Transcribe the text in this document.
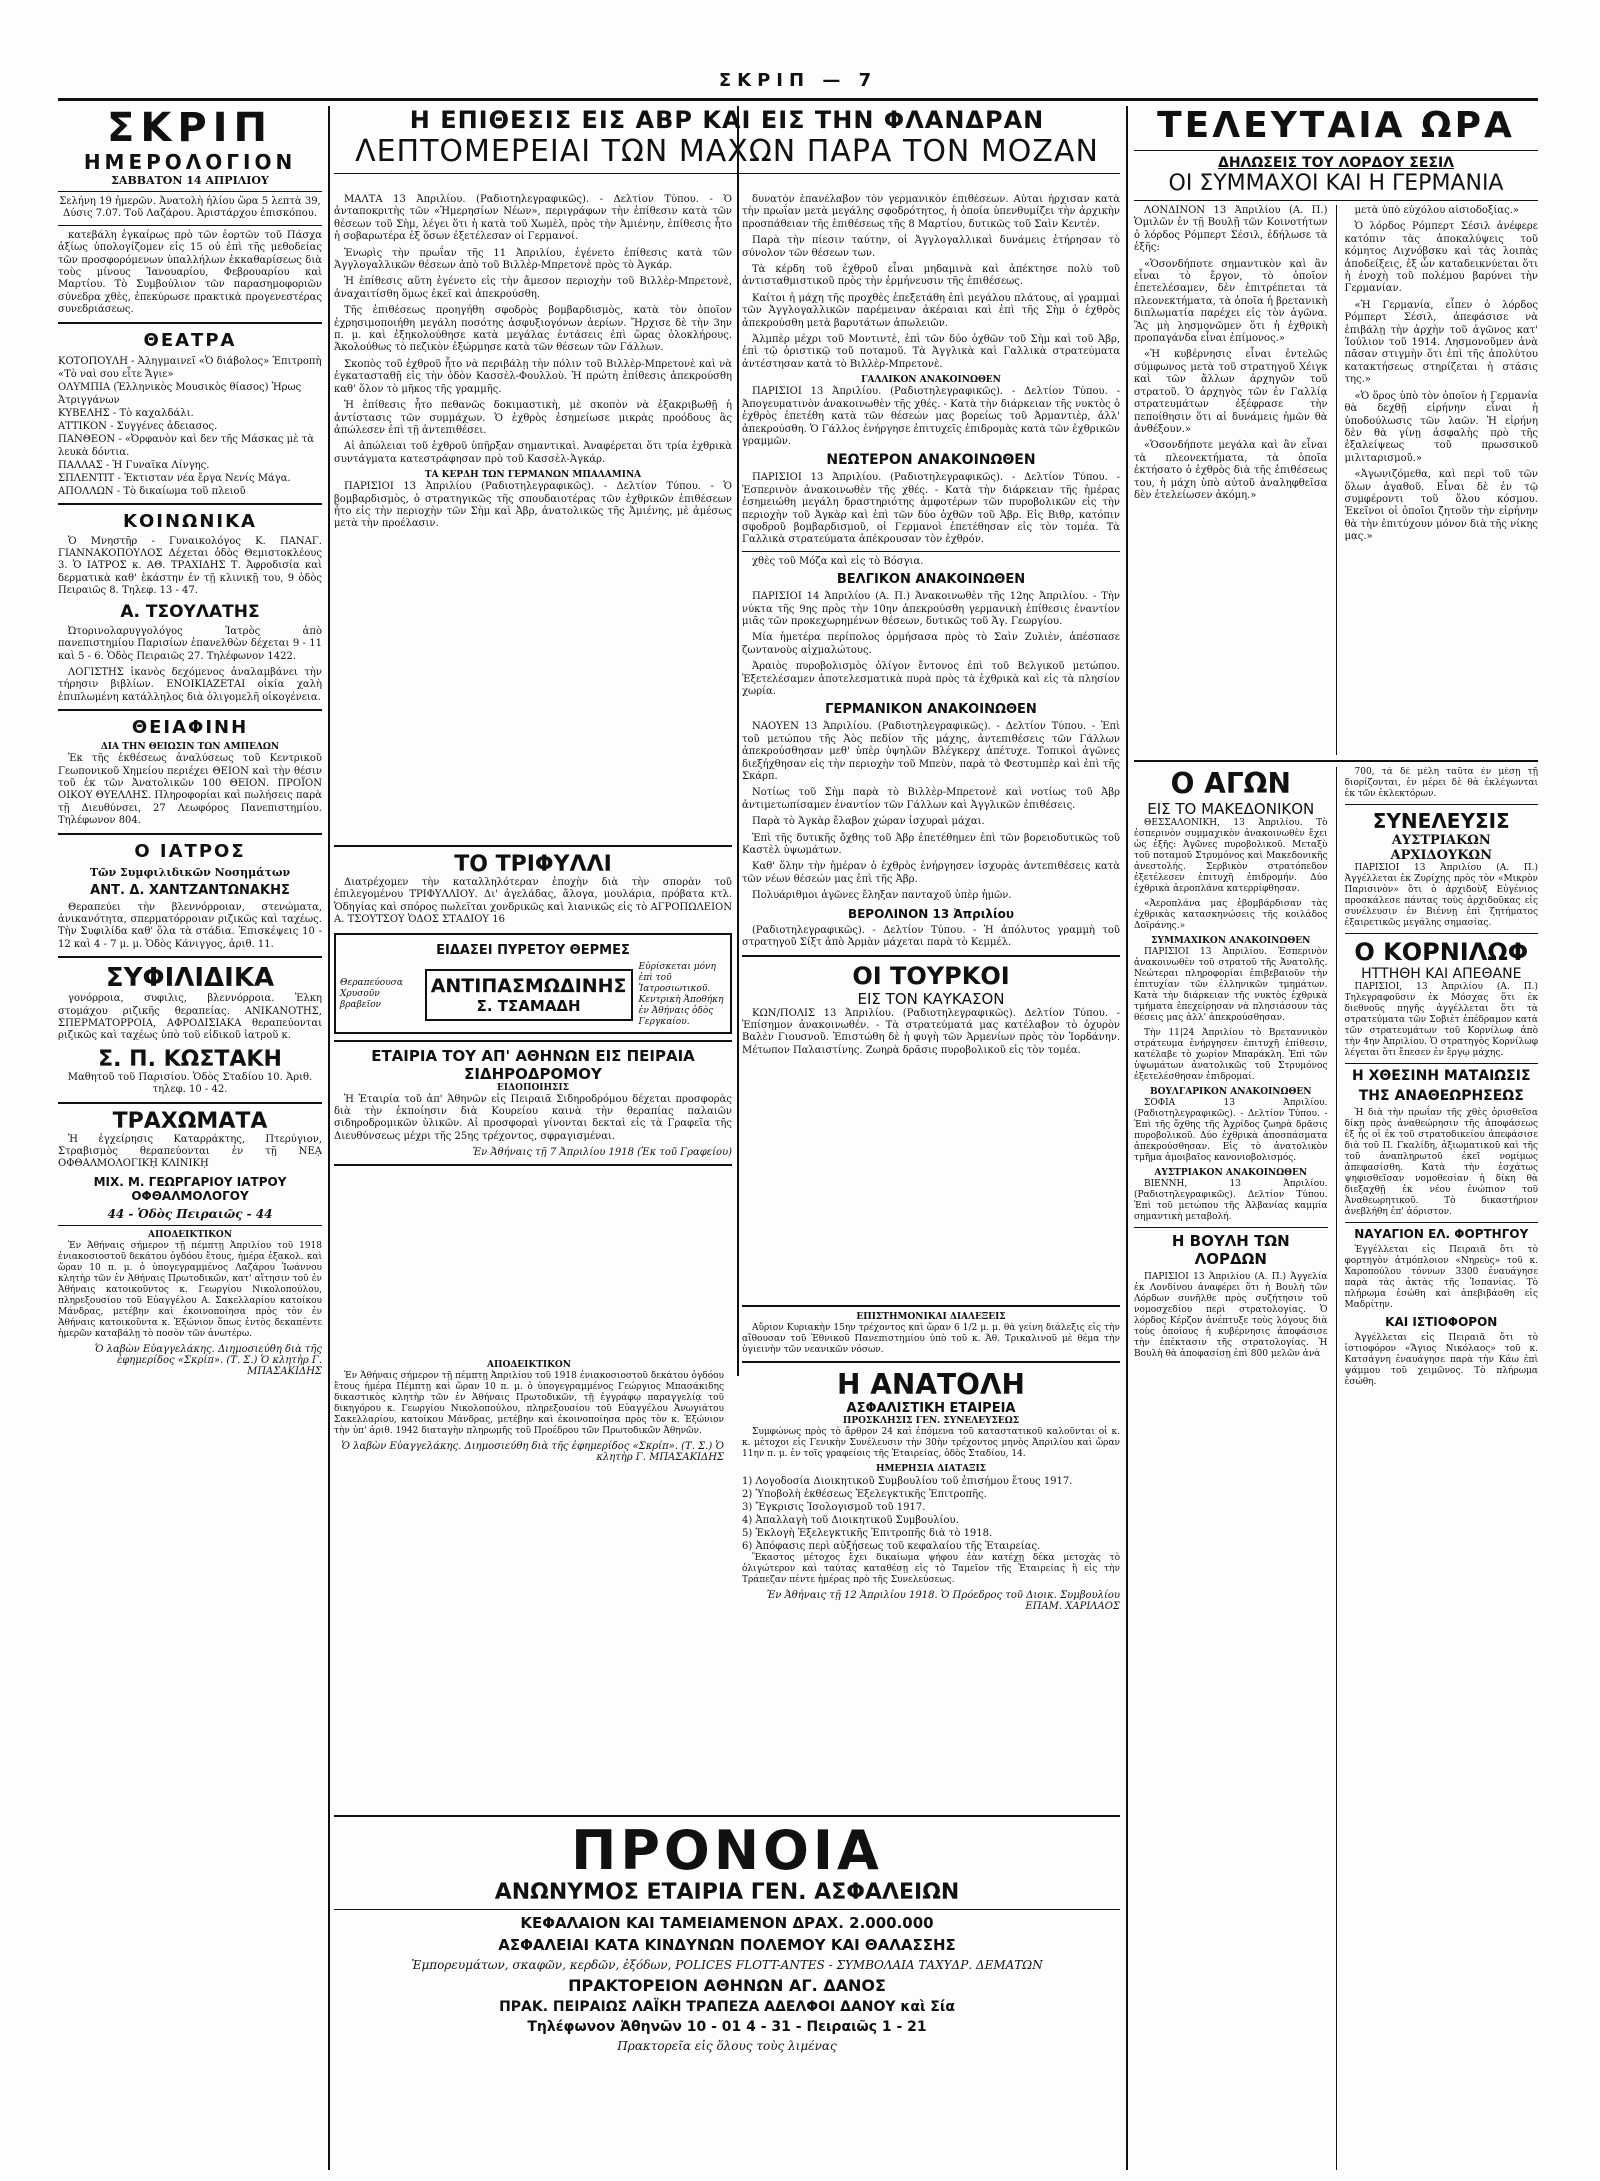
ΣΚΡΙΠ — 7
ΣΚΡΙΠ
ΗΜΕΡΟΛΟΓΙΟΝ
ΣΑΒΒΑΤΟΝ 14 ΑΠΡΙΛΙΟΥ

Σελήνη 19 ἡμερῶν. Ἀνατολὴ ἡλίου ὥρα 5 λεπτὰ 39, Δύσις 7.07. Τοῦ Λαζάρου. Ἀριστάρχου ἐπισκόπου.

κατεβάλη ἐγκαίρως πρὸ τῶν ἑορτῶν τοῦ Πάσχα ἀξίως ὑπολογίζομεν εἰς 15 οὐ ἐπὶ τῆς μεθοδείας τῶν προσφορόμενων ὑπαλλήλων ἐκκαθαρίσεως διὰ τοὺς μίνους Ἰανουαρίου, Φεβρουαρίου καὶ Μαρτίου. Τὸ Συμβούλιον τῶν παρασημοφοριῶν σύνεδρα χθὲς, ἐπεκύρωσε πρακτικὰ προγενεστέρας συνεδριάσεως.

ΘΕΑΤΡΑ

ΚΟΤΟΠΟΥΛΗ - Ἀληγμαινεῖ «Ὁ διάβολος» Ἐπιτροπὴ «Τὸ ναὶ σου εἶτε Ἄγιε»

ΟΛΥΜΠΙΑ (Ἑλληνικὸς Μουσικὸς θίασος) Ἡρως Ἀτριγγάνων

ΚΥΒΕΛΗΣ - Τὸ καχαλδάλι.

ΑΤΤΙΚΟΝ - Συγγένες ἀδειασος.

ΠΑΝΘΕΟΝ - «Ὀρφανὸν καὶ δεν τῆς Μάσκας μὲ τὰ λευκὰ δόντια.

ΠΑΛΛΑΣ - Ἡ Γυναῖκα Λίνγης.

ΣΠΛΕΝΤΙΤ - Ἐκτισταν νέα ἔργα Νενίς Μάγα.

ΑΠΟΛΛΩΝ - Τὸ δικαίωμα τοῦ πλειοῦ

ΚΟΙΝΩΝΙΚΑ

Ὁ Μνηστῆρ - Γυναικολόγος Κ. ΠΑΝΑΓ. ΓΙΑΝΝΑΚΟΠΟΥΛΟΣ Δέχεται ὁδὸς Θεμιστοκλέους 3. Ὁ ΙΑΤΡΟΣ κ. ΑΘ. ΤΡΑΧΙΔΗΣ Τ. Ἀφροδισία καὶ δερματικὰ καθ' ἑκάστην ἐν τῇ κλινικῇ του, 9 ὁδὸς Πειραιῶς 8. Τηλεφ. 13 - 47.

Α. ΤΣΟΥΛΑΤΗΣ

Ὠτορινολαρυγγολόγος Ἰατρὸς ἀπὸ πανεπιστημίου Παρισίων ἐπανελθὼν δέχεται 9 - 11 καὶ 5 - 6. Ὁδὸς Πειραιῶς 27. Τηλέφωνον 1422.

ΛΟΓΙΣΤΗΣ ἱκανὸς δεχόμενος ἀναλαμβάνει τὴν τήρησιν βιβλίων. ΕΝΟΙΚΙΑΖΕΤΑΙ οἰκία χαλὴ ἐπιπλωμένη κατάλληλος διὰ ὀλιγομελῆ οἰκογένεια.

ΘΕΙΑΦΙΝΗ
ΔΙΑ ΤΗΝ ΘΕΙΩΣΙΝ ΤΩΝ ΑΜΠΕΛΩΝ

Ἐκ τῆς ἐκθέσεως ἀναλύσεως τοῦ Κεντρικοῦ Γεωπονικοῦ Χημείου περιέχει ΘΕΙΟΝ καὶ τὴν θέσιν τοῦ ἐκ τῶν Ἀνατολικῶν 100 ΘΕΙΟΝ. ΠΡΟΪΟΝ ΟΙΚΟΥ ΘΥΕΛΛΗΣ. Πληροφορίαι καὶ πωλήσεις παρὰ τῇ Διευθύνσει, 27 Λεωφόρος Πανεπιστημίου. Τηλέφωνον 804.

Ο ΙΑΤΡΟΣ
Τῶν Συμφιλιδικῶν Νοσημάτων
ΑΝΤ. Δ. ΧΑΝΤΖΑΝΤΩΝΑΚΗΣ

Θεραπεύει τὴν βλεννόρροιαν, στενώματα, ἀνικανότητα, σπερματόρροιαν ριζικῶς καὶ ταχέως. Τὴν Συφιλίδα καθ' ὅλα τὰ στάδια. Ἐπισκέψεις 10 - 12 καὶ 4 - 7 μ. μ. Ὁδὸς Κάνιγγος, ἀριθ. 11.

ΣΥΦΙΛΙΔΙΚΑ

γονόρροια, συφιλις, βλεννόρροια. Ἐλκη στομάχου ριζικῆς θεραπείας. ΑΝΙΚΑΝΟΤΗΣ, ΣΠΕΡΜΑΤΟΡΡΟΙΑ, ΑΦΡΟΔΙΣΙΑΚΑ θεραπεύονται ριζικῶς καὶ ταχέως ὑπὸ τοῦ εἰδικοῦ ἰατροῦ κ.

Σ. Π. ΚΩΣΤΑΚΗ

Μαθητοῦ τοῦ Παρισίου. Ὁδὸς Σταδίου 10. Ἀριθ. τηλεφ. 10 - 42.

ΤΡΑΧΩΜΑΤΑ

Ἡ ἐγχείρησις Καταρράκτης, Πτερύγιον, Στραβισμὸς θεραπεύονται ἐν τῇ ΝΕᾼ ΟΦΘΑΛΜΟΛΟΓΙΚῌ ΚΛΙΝΙΚῌ

ΜΙΧ. Μ. ΓΕΩΡΓΑΡΙΟΥ ΙΑΤΡΟΥ ΟΦΘΑΛΜΟΛΟΓΟΥ
44 - Ὁδὸς Πειραιῶς - 44
ΑΠΟΔΕΙΚΤΙΚΟΝ

Ἐν Ἀθήναις σήμερον τῇ πέμπτῃ Ἀπριλίου τοῦ 1918 ἐνιακοσιοστοῦ δεκάτου ὀγδόου ἔτους, ἡμέρα ἐξακολ. καὶ ὥραν 10 π. μ. ὁ ὑπογεγραμμένος Λαζάρου Ἰωάννου κλητὴρ τῶν ἐν Ἀθήναις Πρωτοδικῶν, κατ' αἴτησιν τοῦ ἐν Ἀθήναις κατοικοῦντος κ. Γεωργίου Νικολοπούλου, πληρεξουσίου τοῦ Εὐαγγέλου Α. Σακελλαρίου κατοίκου Μάνδρας, μετέβην καὶ ἐκοινοποίησα πρὸς τὸν ἐν Ἀθήναις κατοικοῦντα κ. Ἐξώνιον ὅπως ἐντὸς δεκαπέντε ἡμερῶν καταβάλῃ τὸ ποσὸν τῶν ἀνωτέρω.

Ὁ λαβὼν Εὐαγγελάκης. Διημοσιεύθη διὰ τῆς ἐφημερίδος «Σκρίπ». (Τ. Σ.) Ὁ κλητὴρ Γ. ΜΠΑΣΑΚΙΔΗΣ

Η ΕΠΙΘΕΣΙΣ ΕΙΣ ΑΒΡ ΚΑΙ ΕΙΣ ΤΗΝ ΦΛΑΝΔΡΑΝ
ΛΕΠΤΟΜΕΡΕΙΑΙ ΤΩΝ ΜΑΧΩΝ ΠΑΡΑ ΤΟΝ ΜΟΖΑΝ

ΜΑΛΤΑ 13 Ἀπριλίου. (Ραδιοτηλεγραφικῶς). - Δελτίον Τύπου. - Ὁ ἀνταποκριτὴς τῶν «Ἡμερησίων Νέων», περιγράφων τὴν ἐπίθεσιν κατὰ τῶν θέσεων τοῦ Σὴμ, λέγει ὅτι ἡ κατὰ τοῦ Χωμὲλ, πρὸς τὴν Ἀμιένην, ἐπίθεσις ἦτο ἡ σοβαρωτέρα ἐξ ὅσων ἐξετέλεσαν οἱ Γερμανοί.

Ἐνωρὶς τὴν πρωΐαν τῆς 11 Ἀπριλίου, ἐγένετο ἐπίθεσις κατὰ τῶν Ἀγγλογαλλικῶν θέσεων ἀπὸ τοῦ Βιλλὲρ-Μπρετονὲ πρὸς τὸ Ἀγκάρ.

Ἡ ἐπίθεσις αὕτη ἐγένετο εἰς τὴν ἄμεσον περιοχὴν τοῦ Βιλλὲρ-Μπρετονὲ, ἀναχαιτίσθη ὅμως ἐκεῖ καὶ ἀπεκρούσθη.

Τῆς ἐπιθέσεως προηγήθη σφοδρὸς βομβαρδισμὸς, κατὰ τὸν ὁποῖον ἐχρησιμοποιήθη μεγάλη ποσότης ἀσφυξιογόνων ἀερίων. Ἤρχισε δὲ τὴν 3ην π. μ. καὶ ἐξηκολούθησε κατὰ μεγάλας ἐντάσεις ἐπὶ ὥρας ὁλοκλήρους. Ἀκολούθως τὸ πεζικὸν ἐξώρμησε κατὰ τῶν θέσεων τῶν Γάλλων.

Σκοπὸς τοῦ ἐχθροῦ ἦτο νὰ περιβάλῃ τὴν πόλιν τοῦ Βιλλὲρ-Μπρετονὲ καὶ νὰ ἐγκατασταθῇ εἰς τὴν ὁδὸν Κασσὲλ-Φουλλοὺ. Ἡ πρώτη ἐπίθεσις ἀπεκρούσθη καθ' ὅλον τὸ μῆκος τῆς γραμμῆς.

Ἡ ἐπίθεσις ἦτο πεθανῶς δοκιμαστικὴ, μὲ σκοπὸν νὰ ἐξακριβωθῇ ἡ ἀντίστασις τῶν συμμάχων. Ὁ ἐχθρὸς ἐσημείωσε μικρὰς προόδους ἃς ἀπώλεσεν ἐπὶ τῇ ἀντεπιθέσει.

Αἱ ἀπώλειαι τοῦ ἐχθροῦ ὑπῆρξαν σημαντικαὶ. Ἀναφέρεται ὅτι τρία ἐχθρικὰ συντάγματα κατεστράφησαν πρὸ τοῦ Κασσὲλ-Ἀγκάρ.

ΤΑ ΚΕΡΔΗ ΤΩΝ ΓΕΡΜΑΝΩΝ ΜΠΑΛΑΜΙΝΑ

ΠΑΡΙΣΙΟΙ 13 Ἀπριλίου (Ραδιοτηλεγραφικῶς). - Δελτίον Τύπου. - Ὁ βομβαρδισμὸς, ὁ στρατηγικῶς τῆς σπουδαιοτέρας τῶν ἐχθρικῶν ἐπιθέσεων ἦτο εἰς τὴν περιοχὴν τῶν Σὴμ καὶ Ἀβρ, ἀνατολικῶς τῆς Ἀμιένης, μὲ ἀμέσως μετὰ τὴν προέλασιν.

δυνατὸν ἐπανέλαβον τὸν γερμανικὸν ἐπιθέσεων. Αὗται ἦρχισαν κατὰ τὴν πρωΐαν μετὰ μεγάλης σφοδρότητος, ἡ ὁποία ὑπενθυμίζει τὴν ἀρχικὴν προσπάθειαν τῆς ἐπιθέσεως τῆς 8 Μαρτίου, δυτικῶς τοῦ Σαὶν Κεντέν.

Παρὰ τὴν πίεσιν ταύτην, οἱ Ἀγγλογαλλικαὶ δυνάμεις ἐτήρησαν τὸ σύνολον τῶν θέσεων των.

Τὰ κέρδη τοῦ ἐχθροῦ εἶναι μηδαμινὰ καὶ ἀπέκτησε πολὺ τοῦ ἀντισταθμιστικοῦ πρὸς τὴν ἐρμήνευσιν τῆς ἐπιθέσεως.

Καίτοι ἡ μάχη τῆς προχθὲς ἐπεξετάθη ἐπὶ μεγάλου πλάτους, αἱ γραμμαὶ τῶν Ἀγγλογαλλικῶν παρέμειναν ἀκέραιαι καὶ ἐπὶ τῆς Σὴμ ὁ ἐχθρὸς ἀπεκρούσθη μετὰ βαρυτάτων ἀπωλειῶν.

Ἀλμπὲρ μέχρι τοῦ Μοντιντὲ, ἐπὶ τῶν δύο ὀχθῶν τοῦ Σὴμ καὶ τοῦ Ἀβρ, ἐπὶ τῷ ὁριστικῷ τοῦ ποταμοῦ. Τὰ Ἀγγλικὰ καὶ Γαλλικὰ στρατεύματα ἀντέστησαν κατὰ τὸ Βιλλὲρ-Μπρετονὲ.

ΓΑΛΛΙΚΟΝ ΑΝΑΚΟΙΝΩΘΕΝ

ΠΑΡΙΣΙΟΙ 13 Ἀπριλίου. (Ραδιοτηλεγραφικῶς). - Δελτίον Τύπου. - Ἀπογευματινὸν ἀνακοινωθὲν τῆς χθές. - Κατὰ τὴν διάρκειαν τῆς νυκτὸς ὁ ἐχθρὸς ἐπετέθη κατὰ τῶν θέσεών μας βορείως τοῦ Ἀρμαντιὲρ, ἀλλ' ἀπεκρούσθη. Ὁ Γάλλος ἐνήργησε ἐπιτυχεῖς ἐπιδρομὰς κατὰ τῶν ἐχθρικῶν γραμμῶν.

ΝΕΩΤΕΡΟΝ ΑΝΑΚΟΙΝΩΘΕΝ

ΠΑΡΙΣΙΟΙ 13 Ἀπριλίου. (Ραδιοτηλεγραφικῶς). - Δελτίον Τύπου. - Ἐσπερινὸν ἀνακοινωθὲν τῆς χθές. - Κατὰ τὴν διάρκειαν τῆς ἡμέρας ἐσημειώθη μεγάλη δραστηριότης ἀμφοτέρων τῶν πυροβολικῶν εἰς τὴν περιοχὴν τοῦ Ἀγκὰρ καὶ ἐπὶ τῶν δύο ὀχθῶν τοῦ Ἀβρ. Εἰς Βιθρ, κατόπιν σφοδροῦ βομβαρδισμοῦ, οἱ Γερμανοὶ ἐπετέθησαν εἰς τὸν τομέα. Τὰ Γαλλικὰ στρατεύματα ἀπέκρουσαν τὸν ἐχθρόν.

χθὲς τοῦ Μόζα καὶ εἰς τὸ Βόσγια.

ΒΕΛΓΙΚΟΝ ΑΝΑΚΟΙΝΩΘΕΝ

ΠΑΡΙΣΙΟΙ 14 Ἀπριλίου (Α. Π.) Ἀνακοινωθὲν τῆς 12ης Ἀπριλίου. - Τὴν νύκτα τῆς 9ης πρὸς τὴν 10ην ἀπεκρούσθη γερμανικὴ ἐπίθεσις ἐναντίον μιᾶς τῶν προκεχωρημένων θέσεων, δυτικῶς τοῦ Ἁγ. Γεωργίου.

Μία ἡμετέρα περίπολος ὁρμήσασα πρὸς τὸ Σαὶν Ζυλιὲν, ἀπέσπασε ζωντανοὺς αἰχμαλώτους.

Ἀραιὸς πυροβολισμὸς ὀλίγον ἔντονος ἐπὶ τοῦ Βελγικοῦ μετώπου. Ἐξετελέσαμεν ἀποτελεσματικὰ πυρὰ πρὸς τὰ ἐχθρικὰ καὶ εἰς τὰ πλησίον χωρία.

ΓΕΡΜΑΝΙΚΟΝ ΑΝΑΚΟΙΝΩΘΕΝ

ΝΑΟΥΕΝ 13 Ἀπριλίου. (Ραδιοτηλεγραφικῶς). - Δελτίον Τύπου. - Ἐπὶ τοῦ μετώπου τῆς Ἀὸς πεδίον τῆς μάχης, ἀντεπιθέσεις τῶν Γάλλων ἀπεκρούσθησαν μεθ' ὑπὲρ ὑψηλῶν Βλέγκερχ ἀπέτυχε. Τοπικοὶ ἀγῶνες διεξήχθησαν εἰς τὴν περιοχὴν τοῦ Μπεὺν, παρὰ τὸ Φεστυμπὲρ καὶ ἐπὶ τῆς Σκάρπ.

Νοτίως τοῦ Σὴμ παρὰ τὸ Βιλλὲρ-Μπρετονὲ καὶ νοτίως τοῦ Ἀβρ ἀντιμετωπίσαμεν ἐναντίον τῶν Γάλλων καὶ Ἀγγλικῶν ἐπιθέσεις.

Παρὰ τὸ Ἀγκὰρ ἔλαβον χώραν ἰσχυραὶ μάχαι.

Ἐπὶ τῆς δυτικῆς ὄχθης τοῦ Ἀβρ ἐπετέθημεν ἐπὶ τῶν βορειοδυτικῶς τοῦ Καστὲλ ὑψωμάτων.

Καθ' ὅλην τὴν ἡμέραν ὁ ἐχθρὸς ἐνήργησεν ἰσχυρὰς ἀντεπιθέσεις κατὰ τῶν νέων θέσεών μας ἐπὶ τῆς Ἀβρ.

Πολυάριθμοι ἀγῶνες ἔληξαν πανταχοῦ ὑπὲρ ἡμῶν.

ΒΕΡΟΛΙΝΟΝ 13 Ἀπριλίου

(Ραδιοτηλεγραφικῶς). - Δελτίον Τύπου. - Ἡ ἀπόλυτος γραμμὴ τοῦ στρατηγοῦ Σίξτ ἀπὸ Ἀρμὰν μάχεται παρὰ τὸ Κεμμέλ.

ΟΙ ΤΟΥΡΚΟΙ
ΕΙΣ ΤΟΝ ΚΑΥΚΑΣΟΝ

ΚΩΝ/ΠΟΛΙΣ 13 Ἀπριλίου. (Ραδιοτηλεγραφικῶς). Δελτίον Τύπου. - Ἐπίσημον ἀνακοινωθέν. - Τὰ στρατεύματά μας κατέλαβον τὸ ὀχυρὸν Βαλὲν Γιουσνοῦ. Ἐπιστώθη δὲ ἡ φυγὴ τῶν Ἀρμενίων πρὸς τὸν Ἰορδάνην. Μέτωπον Παλαιστίνης. Ζωηρὰ δρᾶσις πυροβολικοῦ εἰς τὸν τομέα.

ΤΟ ΤΡΙΦΥΛΛΙ

Διατρέχομεν τὴν καταλληλότεραν ἐποχὴν διὰ τὴν σπορὰν τοῦ ἐπιλεγομένου ΤΡΙΦΥΛΛΙΟΥ. Δι' ἀγελάδας, ἄλογα, μουλάρια, πρόβατα κτλ. Ὁδηγίας καὶ σπόρος πωλεῖται χονδρικῶς καὶ λιανικῶς εἰς τὸ ΑΓΡΟΠΩΛΕΙΟΝ Α. ΤΣΟΥΤΣΟΥ ὉΔΟΣ ΣΤΑΔΙΟΥ 16

ΕΙΔΑΣΕΙ ΠΥΡΕΤΟΥ ΘΕΡΜΕΣ
Θεραπεύουσα Χρυσοῦν βραβεῖον
ΑΝΤΙΠΑΣΜΩΔΙΝΗΣ
Σ. ΤΣΑΜΑΔΗ
Εὑρίσκεται μόνη ἐπὶ τοῦ Ἰατροσιωτικοῦ. Κεντρικὴ Ἀποθήκη ἐν Ἀθήναις ὁδὸς Γεργκαίου.
ΕΤΑΙΡΙΑ ΤΟΥ ΑΠ' ΑΘΗΝΩΝ ΕΙΣ ΠΕΙΡΑΙΑ ΣΙΔΗΡΟΔΡΟΜΟΥ
ΕΙΔΟΠΟΙΗΣΙΣ

Ἡ Ἑταιρία τοῦ ἀπ' Ἀθηνῶν εἰς Πειραιᾶ Σιδηροδρόμου δέχεται προσφορὰς διὰ τὴν ἐκποίησιν διὰ Κουρείου καινὰ τὴν θεραπίας παλαιῶν σιδηροδρομικῶν ὑλικῶν. Αἱ προσφοραὶ γίνονται δεκταὶ εἰς τὰ Γραφεῖα τῆς Διευθύνσεως μέχρι τῆς 25ης τρέχοντος, σφραγισμέναι.

Ἐν Ἀθήναις τῇ 7 Ἀπριλίου 1918 (Ἐκ τοῦ Γραφείου)

ΑΠΟΔΕΙΚΤΙΚΟΝ

Ἐν Ἀθήναις σήμερον τῇ πέμπτῃ Ἀπριλίου τοῦ 1918 ἐνιακοσιοστοῦ δεκάτου ὀγδόου ἔτους ἡμέρα Πέμπτῃ καὶ ὥραν 10 π. μ. ὁ ὑπογεγραμμένος Γεώργιος Μπασάκιδης δικαστικὸς κλητὴρ τῶν ἐν Ἀθήναις Πρωτοδικῶν, τῇ ἐγγράφῳ παραγγελίᾳ τοῦ δικηγόρου κ. Γεωργίου Νικολοπούλου, πληρεξουσίου τοῦ Εὐαγγέλου Ἀνωγιάτου Σακελλαρίου, κατοίκου Μάνδρας, μετέβην καὶ ἐκοινοποίησα πρὸς τὸν κ. Ἐξώνιον τὴν ὑπ' ἀριθ. 1942 διαταγὴν πληρωμῆς τοῦ Προέδρου τῶν Πρωτοδικῶν Ἀθηνῶν.

Ὁ λαβὼν Εὐαγγελάκης. Διημοσιεύθη διὰ τῆς ἐφημερίδος «Σκρίπ». (Τ. Σ.) Ὁ κλητὴρ Γ. ΜΠΑΣΑΚΙΔΗΣ

ΕΠΙΣΤΗΜΟΝΙΚΑΙ ΔΙΑΛΕΞΕΙΣ

Αὔριον Κυριακὴν 15ην τρέχοντος καὶ ὥραν 6 1/2 μ. μ. θὰ γείνη διάλεξις εἰς τὴν αἴθουσαν τοῦ Ἐθνικοῦ Πανεπιστημίου ὑπὸ τοῦ κ. Ἀθ. Τρικαλινοῦ μὲ θέμα τὴν ὑγιεινὴν τῶν νεανικῶν νόσων.

Η ΑΝΑΤΟΛΗ
ΑΣΦΑΛΙΣΤΙΚΗ ΕΤΑΙΡΕΙΑ
ΠΡΟΣΚΛΗΣΙΣ ΓΕΝ. ΣΥΝΕΛΕΥΣΕΩΣ

Συμφώνως πρὸς τὸ ἄρθρον 24 καὶ ἑπόμενα τοῦ καταστατικοῦ καλοῦνται οἱ κ. κ. μέτοχοι εἰς Γενικὴν Συνέλευσιν τὴν 30ὴν τρέχοντος μηνὸς Ἀπριλίου καὶ ὥραν 11ην π. μ. ἐν τοῖς γραφείοις τῆς Ἑταιρείας, ὁδὸς Σταδίου, 14.

ΗΜΕΡΗΣΙΑ ΔΙΑΤΑΞΙΣ

1) Λογοδοσία Διοικητικοῦ Συμβουλίου τοῦ ἐπισήμου ἔτους 1917.

2) Ὑποβολὴ ἐκθέσεως Ἐξελεγκτικῆς Ἐπιτροπῆς.

3) Ἔγκρισις Ἰσολογισμοῦ τοῦ 1917.

4) Ἀπαλλαγὴ τοῦ Διοικητικοῦ Συμβουλίου.

5) Ἐκλογὴ Ἐξελεγκτικῆς Ἐπιτροπῆς διὰ τὸ 1918.

6) Ἀπόφασις περὶ αὐξήσεως τοῦ κεφαλαίου τῆς Ἑταιρείας.

Ἕκαστος μέτοχος ἔχει δικαίωμα ψήφου ἐὰν κατέχῃ δέκα μετοχὰς τὸ ὀλιγώτερον καὶ ταύτας καταθέσῃ εἰς τὸ Ταμεῖον τῆς Ἑταιρείας ἢ εἰς τὴν Τράπεζαν πέντε ἡμέρας πρὸ τῆς Συνελεύσεως.

Ἐν Ἀθήναις τῇ 12 Ἀπριλίου 1918. Ὁ Πρόεδρος τοῦ Διοικ. Συμβουλίου ΕΠΑΜ. ΧΑΡΙΛΑΟΣ

ΠΡΟΝΟΙΑ
ΑΝΩΝΥΜΟΣ ΕΤΑΙΡΙΑ ΓΕΝ. ΑΣΦΑΛΕΙΩΝ
ΚΕΦΑΛΑΙΟΝ ΚΑΙ ΤΑΜΕΙΑΜΕΝΟΝ ΔΡΑΧ. 2.000.000
ΑΣΦΑΛΕΙΑΙ ΚΑΤΑ ΚΙΝΔΥΝΩΝ ΠΟΛΕΜΟΥ ΚΑΙ ΘΑΛΑΣΣΗΣ
Ἐμπορευμάτων, σκαφῶν, κερδῶν, ἐξόδων, POLICES FLOTT-ANTES - ΣΥΜΒΟΛΑΙΑ ΤΑΧΥΔΡ. ΔΕΜΑΤΩΝ
ΠΡΑΚΤΟΡΕΙΟΝ ΑΘΗΝΩΝ ΑΓ. ΔΑΝΟΣ
ΠΡΑΚ. ΠΕΙΡΑΙΩΣ ΛΑΪΚΗ ΤΡΑΠΕΖΑ ΑΔΕΛΦΟΙ ΔΑΝΟΥ καὶ Σία
Τηλέφωνον Ἀθηνῶν 10 - 01 4 - 31 - Πειραιῶς 1 - 21
Πρακτορεῖα εἰς ὅλους τοὺς λιμένας
ΤΕΛΕΥΤΑΙΑ ΩΡΑ
ΔΗΛΩΣΕΙΣ ΤΟΥ ΛΟΡΔΟΥ ΣΕΣΙΛ
ΟΙ ΣΥΜΜΑΧΟΙ ΚΑΙ Η ΓΕΡΜΑΝΙΑ

ΛΟΝΔΙΝΟΝ 13 Ἀπριλίου (Α. Π.) Ὁμιλῶν ἐν τῇ Βουλῇ τῶν Κοινοτήτων ὁ λόρδος Ρόμπερτ Σέσιλ, ἐδήλωσε τὰ ἑξῆς:

«Ὁσονδήποτε σημαντικὸν καὶ ἂν εἶναι τὸ ἔργον, τὸ ὁποῖον ἐπετελέσαμεν, δὲν ἐπιτρέπεται τὰ πλεονεκτήματα, τὰ ὁποῖα ἡ βρετανικὴ διπλωματία παρέχει εἰς τὸν ἀγῶνα. Ἂς μὴ λησμονῶμεν ὅτι ἡ ἐχθρικὴ προπαγάνδα εἶναι ἐπίμονος.»

«Ἡ κυβέρνησις εἶναι ἐντελῶς σύμφωνος μετὰ τοῦ στρατηγοῦ Χέιγκ καὶ τῶν ἄλλων ἀρχηγῶν τοῦ στρατοῦ. Ὁ ἀρχηγὸς τῶν ἐν Γαλλίᾳ στρατευμάτων ἐξέφρασε τὴν πεποίθησιν ὅτι αἱ δυνάμεις ἡμῶν θὰ ἀνθέξουν.»

«Ὁσονδήποτε μεγάλα καὶ ἂν εἶναι τὰ πλεονεκτήματα, τὰ ὁποῖα ἐκτήσατο ὁ ἐχθρὸς διὰ τῆς ἐπιθέσεως του, ἡ μάχη ὑπὸ αὐτοῦ ἀναληφθεῖσα δὲν ἐτελείωσεν ἀκόμη.»

μετὰ ὑπὸ εὐχόλου αἰσιοδοξίας.»

Ὁ λόρδος Ρόμπερτ Σέσιλ ἀνέφερε κατόπιν τὰς ἀποκαλύψεις τοῦ κόμητος Λιχνόβσκυ καὶ τὰς λοιπὰς ἀποδείξεις, ἐξ ὧν καταδεικνύεται ὅτι ἡ ἐνοχὴ τοῦ πολέμου βαρύνει τὴν Γερμανίαν.

«Ἡ Γερμανία, εἶπεν ὁ λόρδος Ρόμπερτ Σέσιλ, ἀπεφάσισε νὰ ἐπιβάλῃ τὴν ἀρχὴν τοῦ ἀγῶνος κατ' Ἰούλιον τοῦ 1914. Λησμονοῦμεν ἀνὰ πᾶσαν στιγμὴν ὅτι ἐπὶ τῆς ἀπολύτου κατακτήσεως στηρίζεται ἡ στάσις της.»

«Ὁ ὅρος ὑπὸ τὸν ὁποῖον ἡ Γερμανία θὰ δεχθῇ εἰρήνην εἶναι ἡ ὑποδούλωσις τῶν λαῶν. Ἡ εἰρήνη δὲν θὰ γίνῃ ἀσφαλὴς πρὸ τῆς ἐξαλείψεως τοῦ πρωσσικοῦ μιλιταρισμοῦ.»

«Ἀγωνιζόμεθα, καὶ περὶ τοῦ τῶν ὅλων ἀγαθοῦ. Εἶναι δὲ ἐν τῷ συμφέροντι τοῦ ὅλου κόσμου. Ἐκεῖνοι οἱ ὁποῖοι ζητοῦν τὴν εἰρήνην θὰ τὴν ἐπιτύχουν μόνον διὰ τῆς νίκης μας.»

Ο ΑΓΩΝ
ΕΙΣ ΤΟ ΜΑΚΕΔΟΝΙΚΟΝ

ΘΕΣΣΑΛΟΝΙΚΗ, 13 Ἀπριλίου. Τὸ ἑσπερινὸν συμμαχικὸν ἀνακοινωθὲν ἔχει ὡς ἑξῆς: Ἀγῶνες πυροβολικοῦ. Μεταξὺ τοῦ ποταμοῦ Στρυμόνος καὶ Μακεδονικῆς ἀνεστολής. Σερβικὸν στρατόπεδον ἐξετέλεσεν ἐπιτυχῆ ἐπιδρομήν. Δύο ἐχθρικὰ ἀεροπλάνα κατερρίφθησαν.

«Ἀεροπλάνα μας ἐβομβάρδισαν τὰς ἐχθρικὰς κατασκηνώσεις τῆς κοιλάδος Δοϊράνης.»

ΣΥΜΜΑΧΙΚΟΝ ΑΝΑΚΟΙΝΩΘΕΝ

ΠΑΡΙΣΙΟΙ 13 Ἀπριλίου. Ἑσπερινὸν ἀνακοινωθὲν τοῦ στρατοῦ τῆς Ἀνατολῆς. Νεώτεραι πληροφορίαι ἐπιβεβαιοῦν τὴν ἐπιτυχίαν τῶν ἑλληνικῶν τμημάτων. Κατὰ τὴν διάρκειαν τῆς νυκτὸς ἐχθρικὰ τμήματα ἐπεχείρησαν νὰ πλησιάσουν τὰς θέσεις μας ἀλλ' ἀπεκρούσθησαν.

Τὴν 11|24 Ἀπριλίου τὸ Βρεταννικὸν στράτευμα ἐνήργησεν ἐπιτυχῆ ἐπίθεσιν, κατέλαβε τὸ χωρίον Μπαράκλη. Ἐπὶ τῶν ὑψωμάτων ἀνατολικῶς τοῦ Στρυμόνος ἐξετελέσθησαν ἐπιδρομαί.

ΒΟΥΛΓΑΡΙΚΟΝ ΑΝΑΚΟΙΝΩΘΕΝ

ΣΟΦΙΑ 13 Ἀπριλίου. (Ραδιοτηλεγραφικῶς). - Δελτίον Τύπου. - Ἐπὶ τῆς ὄχθης τῆς Ἀχρίδος ζωηρὰ δρᾶσις πυροβολικοῦ. Δύο ἐχθρικὰ ἀποσπάσματα ἀπεκρούσθησαν. Εἰς τὸ ἀνατολικὸν τμῆμα ἀμοιβαῖος κανονιοβολισμός.

ΑΥΣΤΡΙΑΚΟΝ ΑΝΑΚΟΙΝΩΘΕΝ

ΒΙΕΝΝΗ, 13 Ἀπριλίου. (Ραδιοτηλεγραφικῶς). Δελτίον Τύπου. Ἐπὶ τοῦ μετώπου τῆς Ἀλβανίας καμμία σημαντικὴ μεταβολή.

Η ΒΟΥΛΗ ΤΩΝ ΛΟΡΔΩΝ

ΠΑΡΙΣΙΟΙ 13 Ἀπριλίου (Α. Π.) Ἀγγελία ἐκ Λονδίνου ἀναφέρει ὅτι ἡ Βουλὴ τῶν Λόρδων συνῆλθε πρὸς συζήτησιν τοῦ νομοσχεδίου περὶ στρατολογίας. Ὁ λόρδος Κέρζον ἀνέπτυξε τοὺς λόγους διὰ τοὺς ὁποίους ἡ κυβέρνησις ἀποφάσισε τὴν ἐπέκτασιν τῆς στρατολογίας. Ἡ Βουλὴ θὰ ἀποφασίσῃ ἐπὶ 800 μελῶν ἀνὰ

700, τὰ δὲ μέλη ταῦτα ἐν μέσῃ τῇ διορίζονται, ἐν μέρει δὲ θὰ ἐκλέγωνται ἐκ τῶν ἐκλεκτόρων.

ΣΥΝΕΛΕΥΣΙΣ
ΑΥΣΤΡΙΑΚΩΝ ΑΡΧΙΔΟΥΚΩΝ

ΠΑΡΙΣΙΟΙ 13 Ἀπριλίου (Α. Π.) Ἀγγέλλεται ἐκ Ζυρίχης πρὸς τὸν «Μικρὸν Παρισινὸν» ὅτι ὁ ἀρχιδοὺξ Εὐγένιος προσκάλεσε πάντας τοὺς ἀρχιδοῦκας εἰς συνέλευσιν ἐν Βιέννῃ ἐπὶ ζητήματος ἐξαιρετικῶς μεγάλης σημασίας.

Ο ΚΟΡΝΙΛΩΦ
ΗΤΤΗΘΗ ΚΑΙ ΑΠΕΘΑΝΕ

ΠΑΡΙΣΙΟΙ, 13 Ἀπριλίου (Α. Π.) Τηλεγραφοῦσιν ἐκ Μόσχας ὅτι ἐκ διεθνοῦς πηγῆς ἀγγέλλεται ὅτι τὰ στρατεύματα τῶν Σοβιὲτ ἐπέδραμον κατὰ τῶν στρατευμάτων τοῦ Κορνίλωφ ἀπὸ τὴν 4ην Ἀπριλίου. Ὁ στρατηγὸς Κορνίλωφ λέγεται ὅτι ἔπεσεν ἐν ἔργῳ μάχης.

Η ΧΘΕΣΙΝΗ ΜΑΤΑΙΩΣΙΣ
ΤΗΣ ΑΝΑΘΕΩΡΗΣΕΩΣ

Ἡ διὰ τὴν πρωΐαν τῆς χθὲς ὁρισθεῖσα δίκη πρὸς ἀναθεώρησιν τῆς ἀποφάσεως ἐξ ἧς οἱ ἐκ τοῦ στρατοδικείου ἀπεφάσισε διὰ τοῦ Π. Γκαλίδη, ἀξιωματικοῦ καὶ τῆς τοῦ ἀναπληρωτοῦ ἐκεῖ νομίμως ἀπεφασίσθη. Κατὰ τὴν ἐσχάτως ψηφισθεῖσαν νομοθεσίαν ἡ δίκη θὰ διεξαχθῇ ἐκ νέου ἐνώπιον τοῦ Ἀναθεωρητικοῦ. Τὸ δικαστήριον ἀνεβλήθη ἐπ' ἀόριστον.

ΝΑΥΑΓΙΟΝ ΕΛ. ΦΟΡΤΗΓΟΥ

Ἐγγέλλεται εἰς Πειραιᾶ ὅτι τὸ φορτηγὸν ἀτμόπλοιον «Νηρεὺς» τοῦ κ. Χαροπούλου τόννων 3300 ἐναυάγησε παρὰ τὰς ἀκτὰς τῆς Ἰσπανίας. Τὸ πλήρωμα ἐσώθη καὶ ἀπεβιβάσθη εἰς Μαδρίτην.

ΚΑΙ ΙΣΤΙΟΦΟΡΟΝ

Ἀγγέλλεται εἰς Πειραιᾶ ὅτι τὸ ἱστιοφόρον «Ἅγιος Νικόλαος» τοῦ κ. Κατσάγνη ἐναυάγησε παρὰ τὴν Κάω ἐπὶ ψάμμου τοῦ χειμῶνος. Τὸ πλήρωμα ἐσώθη.
